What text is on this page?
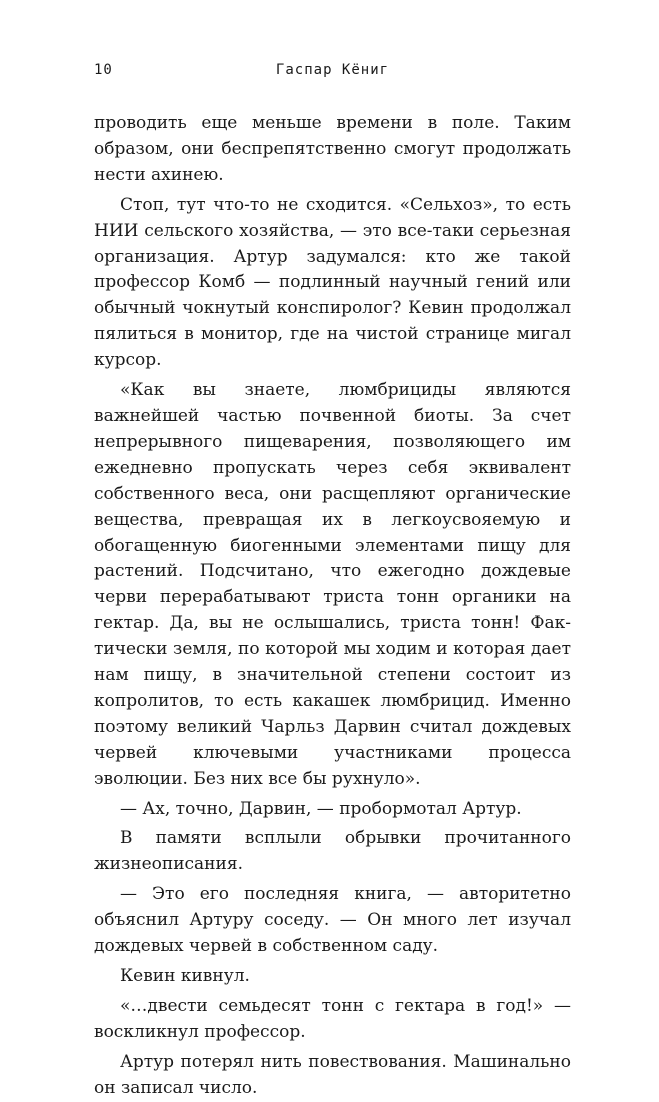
10	Гаспар Кёниг

проводить еще меньше времени в поле. Таким образом, они беспрепятственно смогут продолжать нести ахинею.

Стоп, тут что-то не сходится. «Сельхоз», то есть НИИ сельского хозяйства, — это все-таки серьезная организация. Артур задумался: кто же такой профессор Комб — подлинный научный гений или обычный чокнутый конспиролог? Кевин продолжал пялиться в монитор, где на чистой странице мигал курсор.

«Как вы знаете, люмбрициды являются важнейшей частью почвенной биоты. За счет непрерывного пищеварения, позволяющего им ежедневно пропускать через себя эквивалент собственного веса, они расщепляют органические вещества, превращая их в легкоусвояемую и обогащенную биогенными элементами пищу для растений. Подсчитано, что ежегодно дождевые черви перерабатывают триста тонн органики на гектар. Да, вы не ослышались, триста тонн! Фактически земля, по которой мы ходим и которая дает нам пищу, в значительной степени состоит из копролитов, то есть какашек люмбрицид. Именно поэтому великий Чарльз Дарвин считал дождевых червей ключевыми участниками процесса эволюции. Без них все бы рухнуло».

— Ах, точно, Дарвин, — пробормотал Артур.

В памяти всплыли обрывки прочитанного жизнеописания.

— Это его последняя книга, — авторитетно объяснил Артуру соседу. — Он много лет изучал дождевых червей в собственном саду.

Кевин кивнул.

«…двести семьдесят тонн с гектара в год!» — воскликнул профессор.

Артур потерял нить повествования. Машинально он записал число.
